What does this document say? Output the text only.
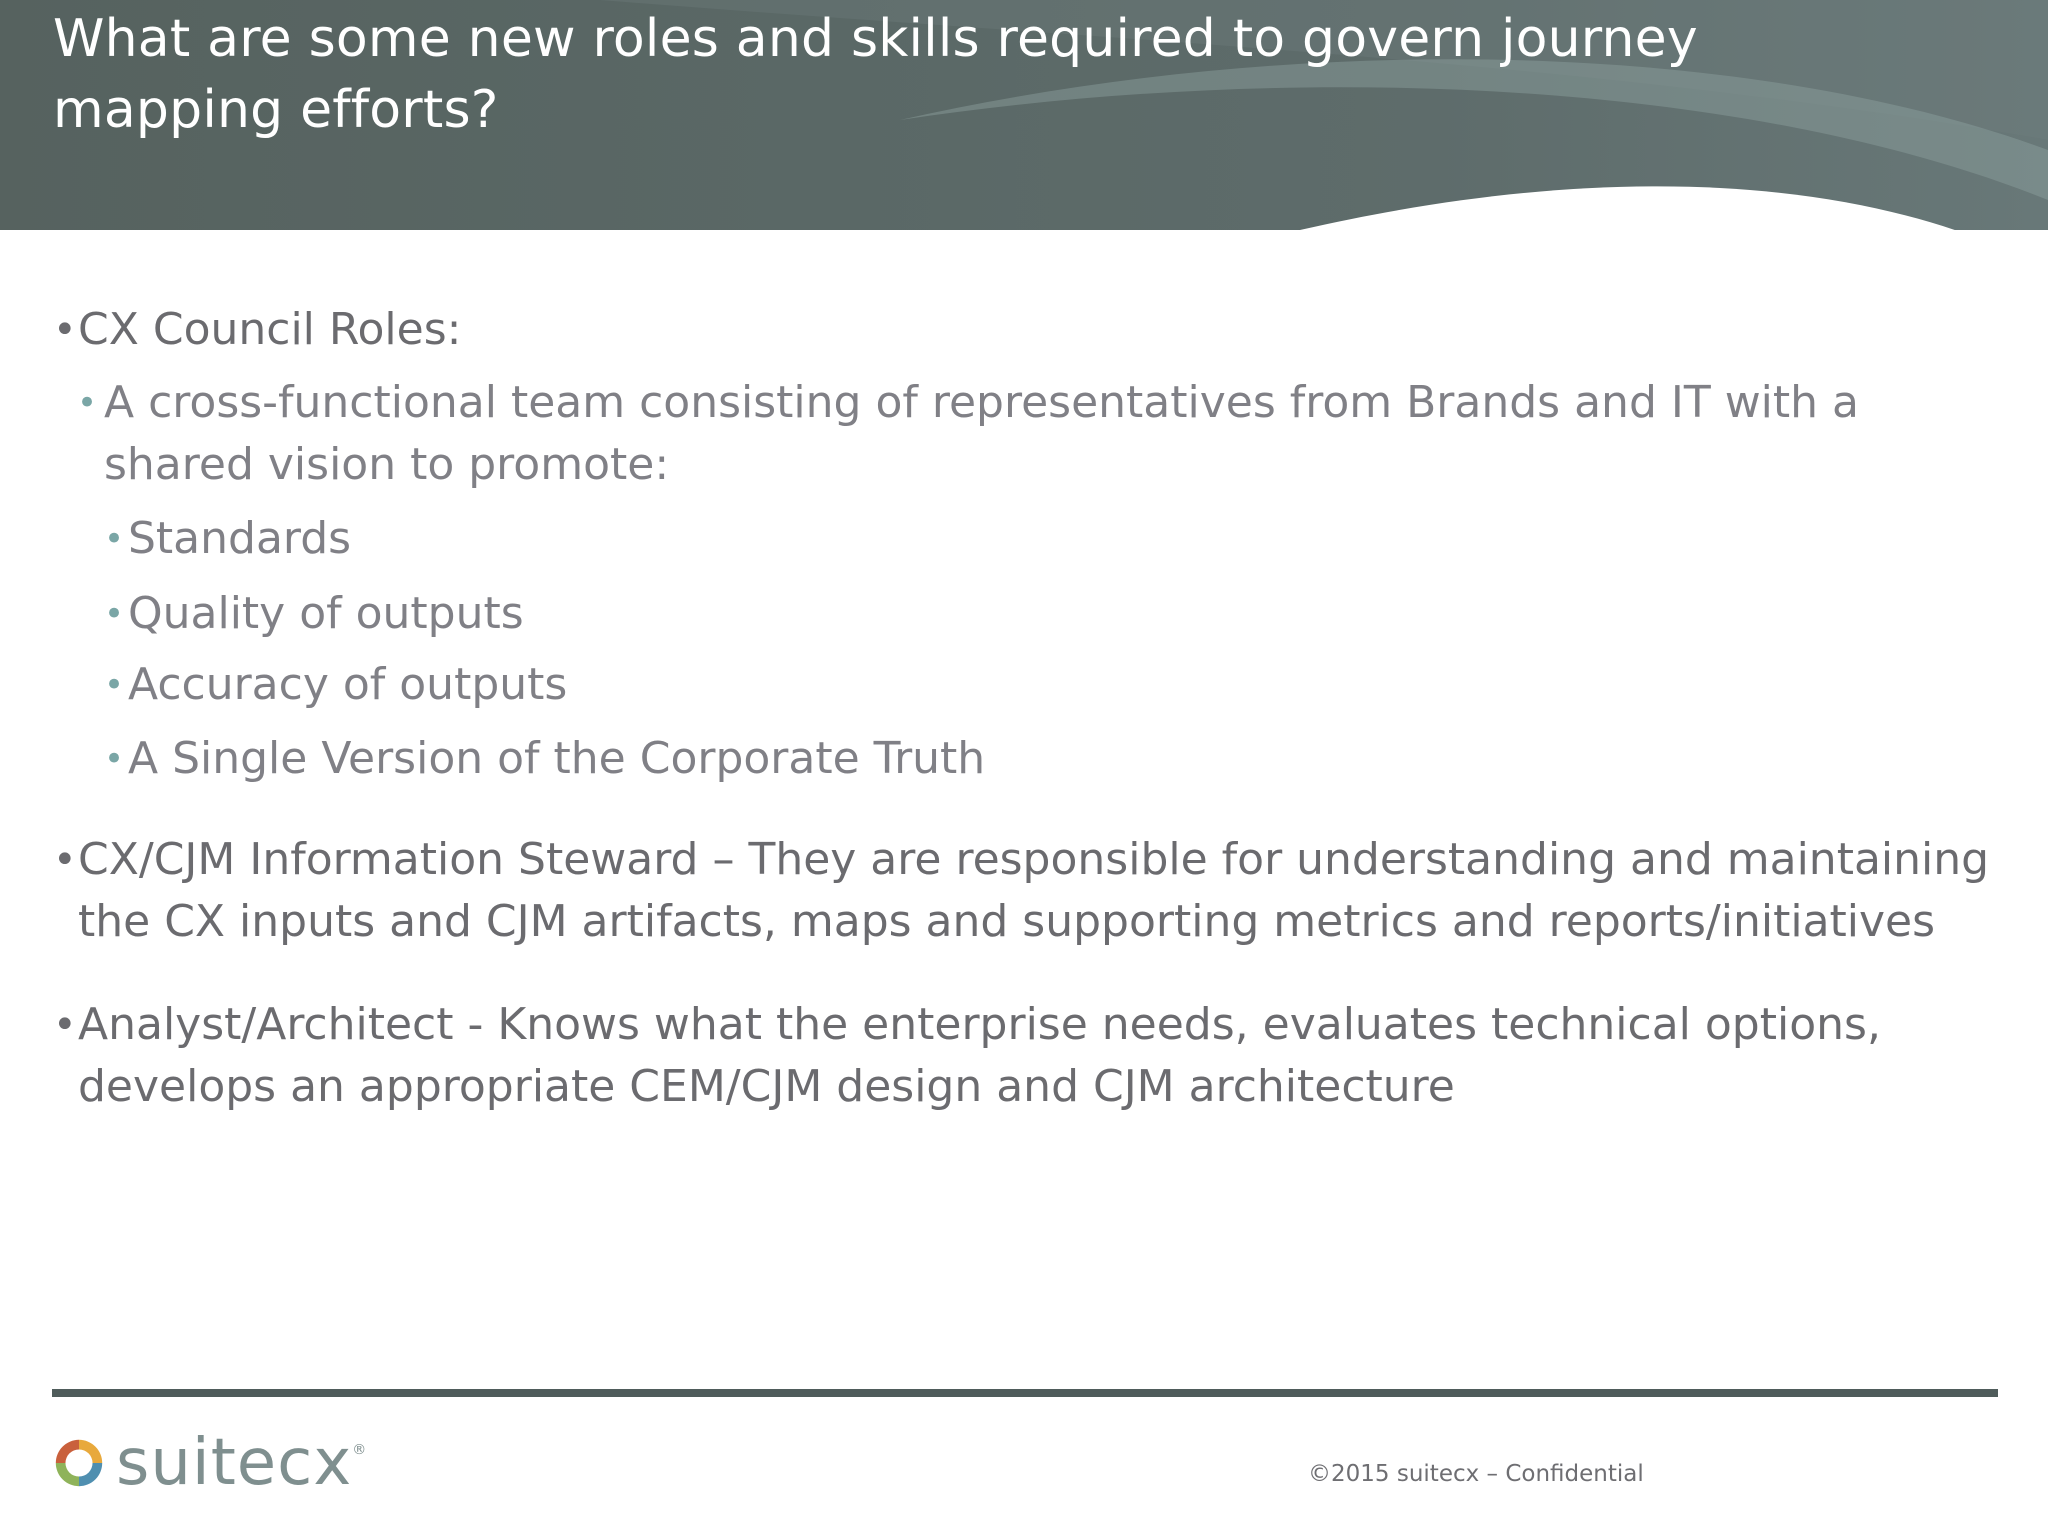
What are some new roles and skills required to govern journey mapping efforts?
• CX Council Roles:
• A cross-functional team consisting of representatives from Brands and IT with a shared vision to promote:
• Standards
• Quality of outputs
• Accuracy of outputs
• A Single Version of the Corporate Truth
• CX/CJM Information Steward – They are responsible for understanding and maintaining the CX inputs and CJM artifacts, maps and supporting metrics and reports/initiatives
• Analyst/Architect - Knows what the enterprise needs, evaluates technical options, develops an appropriate CEM/CJM design and CJM architecture
suitecx ®
©2015 suitecx – Confidential
